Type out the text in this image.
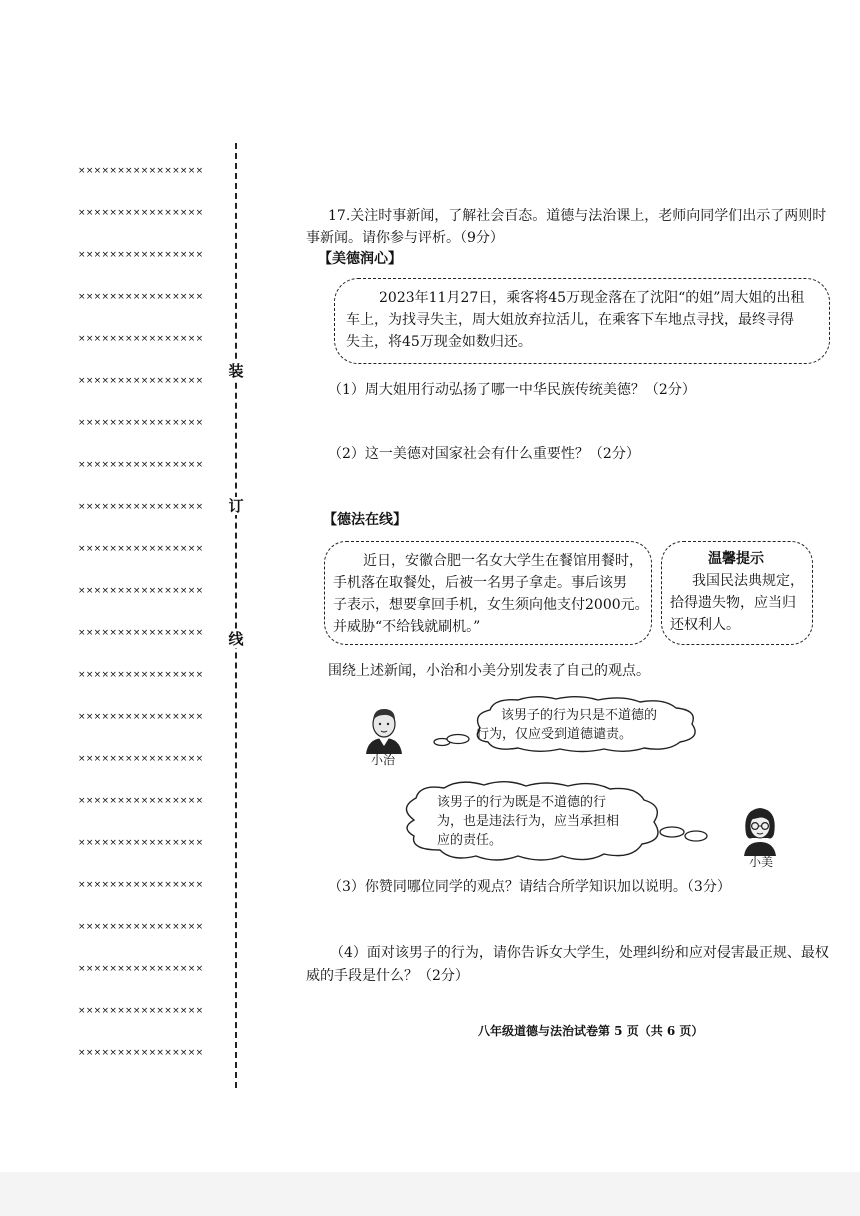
××××××××××××××××
××××××××××××××××
××××××××××××××××
××××××××××××××××
××××××××××××××××
××××××××××××××××
××××××××××××××××
××××××××××××××××
××××××××××××××××
××××××××××××××××
××××××××××××××××
××××××××××××××××
××××××××××××××××
××××××××××××××××
××××××××××××××××
××××××××××××××××
××××××××××××××××
××××××××××××××××
××××××××××××××××
××××××××××××××××
××××××××××××××××
××××××××××××××××
装
订
线
17.关注时事新闻，了解社会百态。道德与法治课上，老师向同学们出示了两则时
事新闻。请你参与评析。（9分）
【美德润心】
2023年11月27日，乘客将45万现金落在了沈阳“的姐”周大姐的出租
车上，为找寻失主，周大姐放弃拉活儿，在乘客下车地点寻找，最终寻得
失主，将45万现金如数归还。
（1）周大姐用行动弘扬了哪一中华民族传统美德？（2分）
（2）这一美德对国家社会有什么重要性？（2分）
【德法在线】
近日，安徽合肥一名女大学生在餐馆用餐时，
手机落在取餐处，后被一名男子拿走。事后该男
子表示，想要拿回手机，女生须向他支付2000元。
并威胁“不给钱就刷机。”
温馨提示
我国民法典规定，
拾得遗失物，应当归
还权利人。
围绕上述新闻，小治和小美分别发表了自己的观点。
小治
该男子的行为只是不道德的
行为，仅应受到道德谴责。
该男子的行为既是不道德的行
为，也是违法行为，应当承担相
应的责任。
小美
（3）你赞同哪位同学的观点？请结合所学知识加以说明。（3分）
（4）面对该男子的行为，请你告诉女大学生，处理纠纷和应对侵害最正规、最权
威的手段是什么？（2分）
八年级道德与法治试卷第 5 页（共 6 页）
